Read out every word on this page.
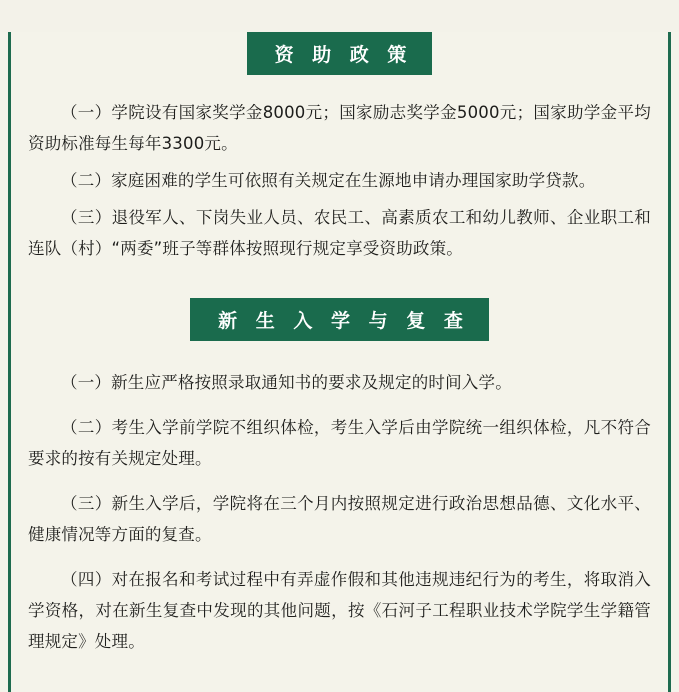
资 助 政 策

（一）学院设有国家奖学金8000元；国家励志奖学金5000元；国家助学金平均资助标准每生每年3300元。

（二）家庭困难的学生可依照有关规定在生源地申请办理国家助学贷款。

（三）退役军人、下岗失业人员、农民工、高素质农工和幼儿教师、企业职工和连队（村）“两委”班子等群体按照现行规定享受资助政策。

新 生 入 学 与 复 查

（一）新生应严格按照录取通知书的要求及规定的时间入学。

（二）考生入学前学院不组织体检，考生入学后由学院统一组织体检，凡不符合要求的按有关规定处理。

（三）新生入学后，学院将在三个月内按照规定进行政治思想品德、文化水平、健康情况等方面的复查。

（四）对在报名和考试过程中有弄虚作假和其他违规违纪行为的考生，将取消入学资格，对在新生复查中发现的其他问题，按《石河子工程职业技术学院学生学籍管理规定》处理。
